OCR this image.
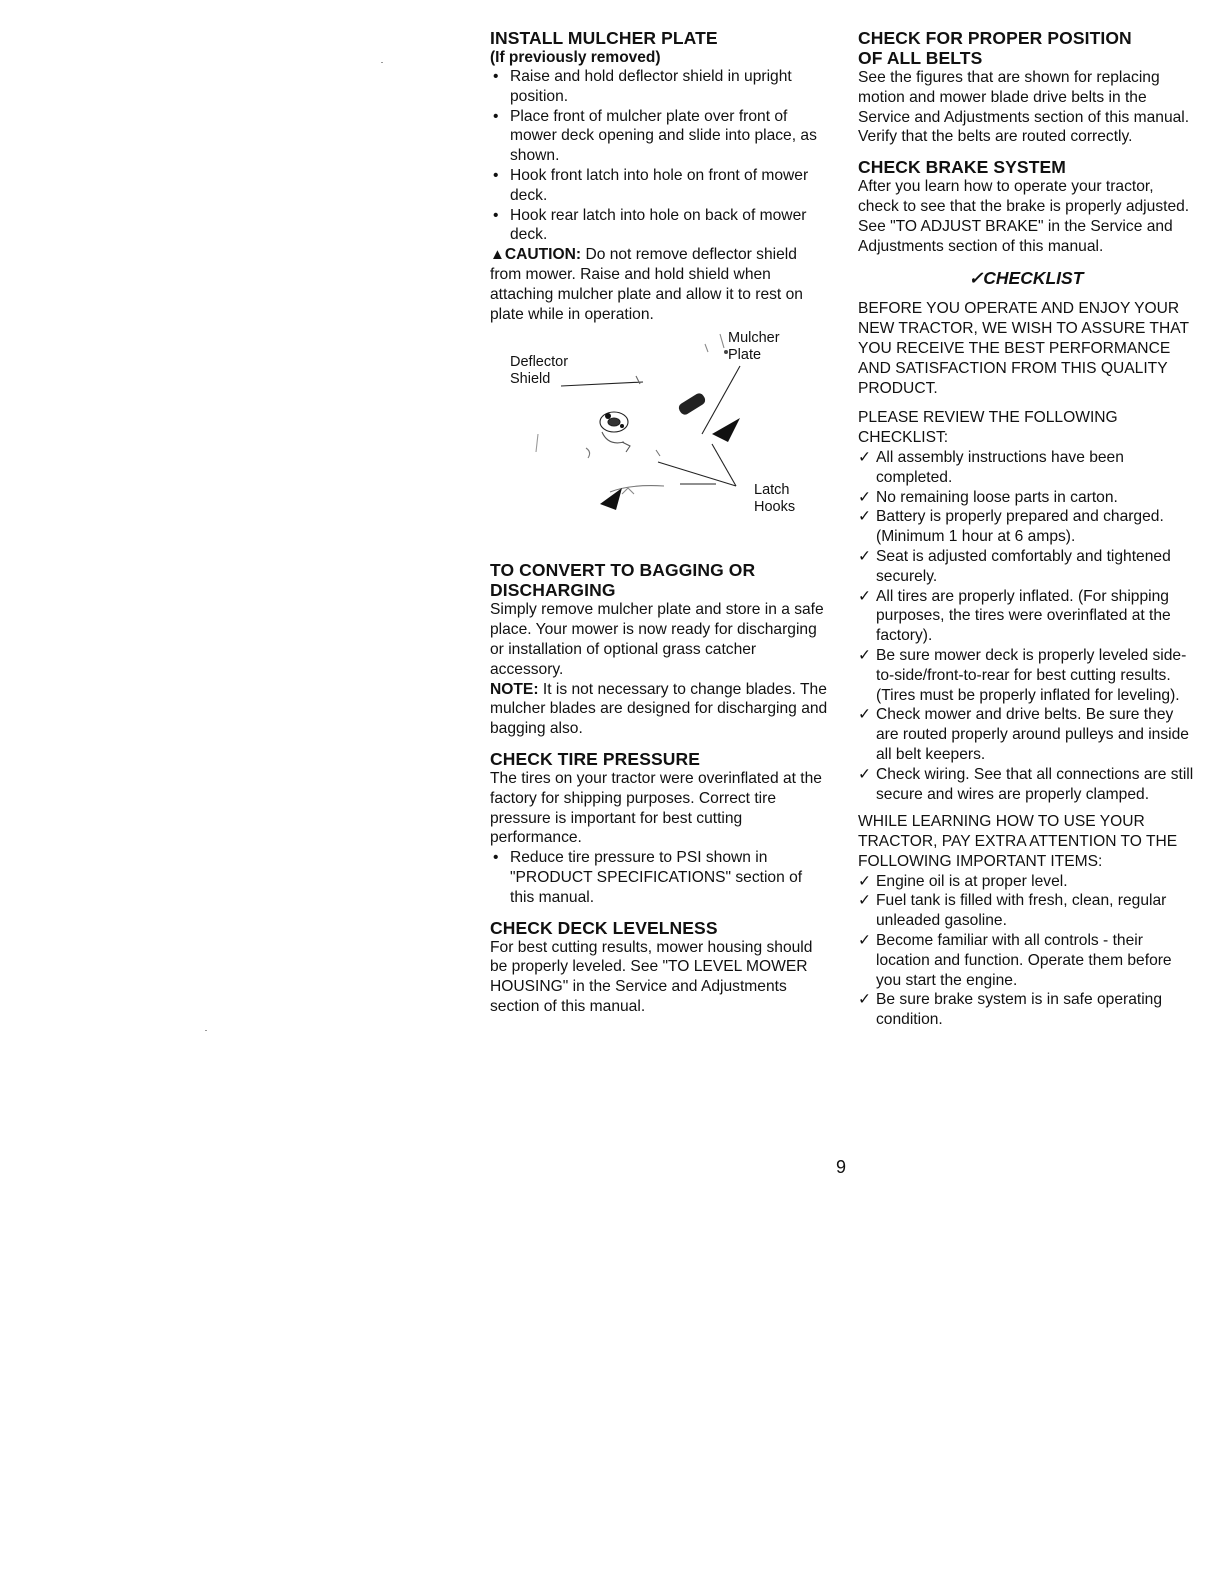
INSTALL MULCHER PLATE
(If previously removed)
• Raise and hold deflector shield in upright position.
• Place front of mulcher plate over front of mower deck opening and slide into place, as shown.
• Hook front latch into hole on front of mower deck.
• Hook rear latch into hole on back of mower deck.

▲CAUTION: Do not remove deflector shield from mower. Raise and hold shield when attaching mulcher plate and allow it to rest on plate while in operation.

Mulcher
Plate
Deflector
Shield
Latch
Hooks
TO CONVERT TO BAGGING OR
DISCHARGING

Simply remove mulcher plate and store in a safe place. Your mower is now ready for discharging or installation of optional grass catcher accessory.

NOTE: It is not necessary to change blades. The mulcher blades are designed for discharging and bagging also.

CHECK TIRE PRESSURE

The tires on your tractor were overinflated at the factory for shipping purposes. Correct tire pressure is important for best cutting performance.

• Reduce tire pressure to PSI shown in "PRODUCT SPECIFICATIONS" section of this manual.
CHECK DECK LEVELNESS

For best cutting results, mower housing should be properly leveled. See "TO LEVEL MOWER HOUSING" in the Service and Adjustments section of this manual.

CHECK FOR PROPER POSITION
OF ALL BELTS

See the figures that are shown for replacing motion and mower blade drive belts in the Service and Adjustments section of this manual. Verify that the belts are routed correctly.

CHECK BRAKE SYSTEM

After you learn how to operate your tractor, check to see that the brake is properly adjusted. See "TO ADJUST BRAKE" in the Service and Adjustments section of this manual.

✓CHECKLIST

BEFORE YOU OPERATE AND ENJOY YOUR NEW TRACTOR, WE WISH TO ASSURE THAT YOU RECEIVE THE BEST PERFORMANCE AND SATISFACTION FROM THIS QUALITY PRODUCT.

PLEASE REVIEW THE FOLLOWING CHECKLIST:

✓ All assembly instructions have been completed.
✓ No remaining loose parts in carton.
✓ Battery is properly prepared and charged. (Minimum 1 hour at 6 amps).
✓ Seat is adjusted comfortably and tightened securely.
✓ All tires are properly inflated. (For shipping purposes, the tires were overinflated at the factory).
✓ Be sure mower deck is properly leveled side-to-side/front-to-rear for best cutting results. (Tires must be properly inflated for leveling).
✓ Check mower and drive belts. Be sure they are routed properly around pulleys and inside all belt keepers.
✓ Check wiring. See that all connections are still secure and wires are properly clamped.

WHILE LEARNING HOW TO USE YOUR TRACTOR, PAY EXTRA ATTENTION TO THE FOLLOWING IMPORTANT ITEMS:

✓ Engine oil is at proper level.
✓ Fuel tank is filled with fresh, clean, regular unleaded gasoline.
✓ Become familiar with all controls - their location and function. Operate them before you start the engine.
✓ Be sure brake system is in safe operating condition.
9
